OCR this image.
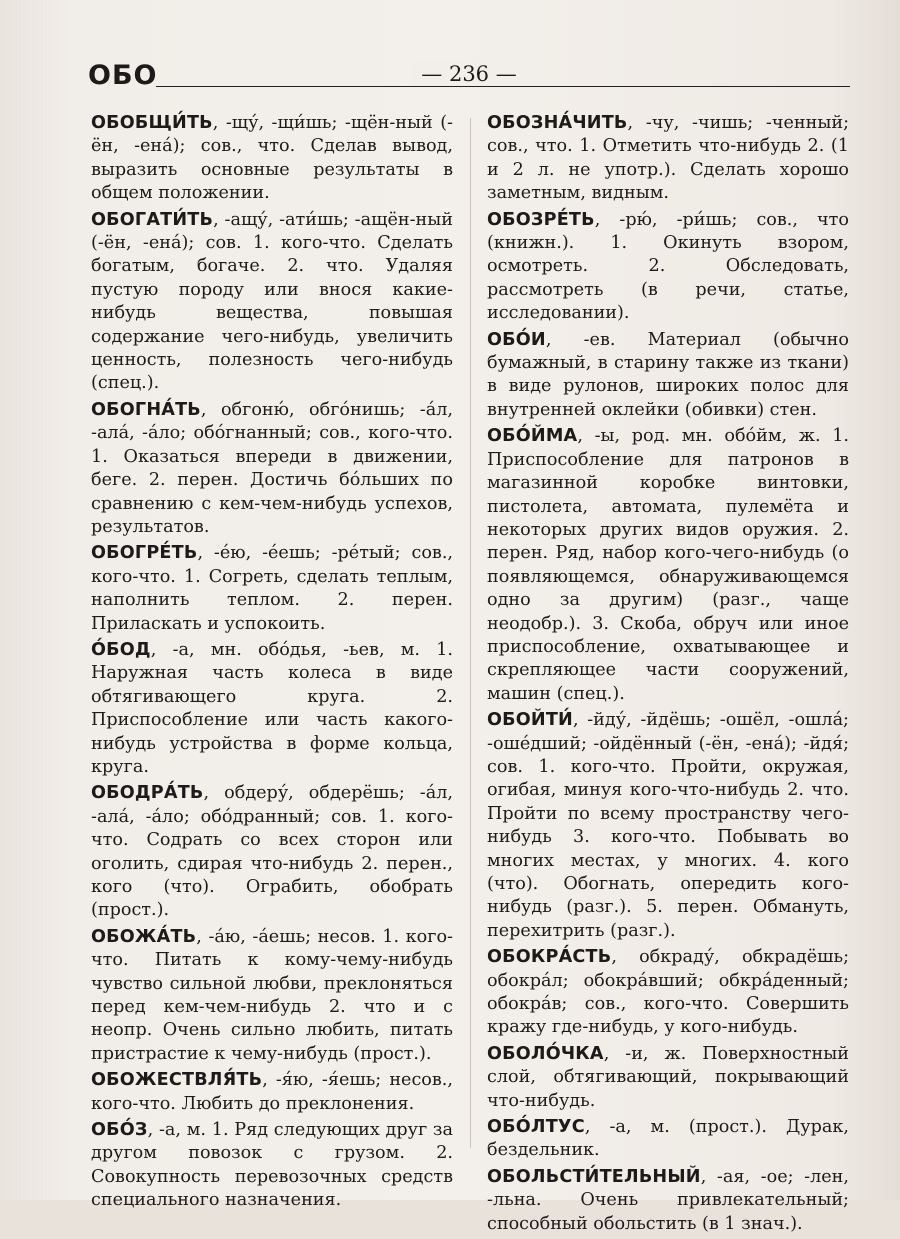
ОБО	— 236 —

ОБОБЩИ́ТЬ, -щу́, -щи́шь; -щён-ный (-ён, -ена́); сов., что. Сделав вывод, выразить основные результаты в общем положении.

ОБОГАТИ́ТЬ, -ащу́, -ати́шь; -ащён-ный (-ён, -ена́); сов. 1. кого-что. Сделать богатым, богаче. 2. что. Удаляя пустую породу или внося какие-нибудь вещества, повышая содержание чего-нибудь, увеличить ценность, полезность чего-нибудь (спец.).

ОБОГНА́ТЬ, обгоню́, обго́нишь; -а́л, -ала́, -а́ло; обо́гнанный; сов., кого-что. 1. Оказаться впереди в движении, беге. 2. перен. Достичь бо́льших по сравнению с кем-чем-нибудь успехов, результатов.

ОБОГРЕ́ТЬ, -е́ю, -е́ешь; -ре́тый; сов., кого-что. 1. Согреть, сделать теплым, наполнить теплом. 2. перен. Приласкать и успокоить.

О́БОД, -а, мн. обо́дья, -ьев, м. 1. Наружная часть колеса в виде обтягивающего круга. 2. Приспособление или часть какого-нибудь устройства в форме кольца, круга.

ОБОДРА́ТЬ, обдеру́, обдерёшь; -а́л, -ала́, -а́ло; обо́дранный; сов. 1. кого-что. Содрать со всех сторон или оголить, сдирая что-нибудь 2. перен., кого (что). Ограбить, обобрать (прост.).

ОБОЖА́ТЬ, -а́ю, -а́ешь; несов. 1. кого-что. Питать к кому-чему-нибудь чувство сильной любви, преклоняться перед кем-чем-нибудь 2. что и с неопр. Очень сильно любить, питать пристрастие к чему-нибудь (прост.).

ОБОЖЕСТВЛЯ́ТЬ, -я́ю, -я́ешь; несов., кого-что. Любить до преклонения.

ОБО́З, -а, м. 1. Ряд следующих друг за другом повозок с грузом. 2. Совокупность перевозочных средств специального назначения.

ОБОЗНА́ЧИТЬ, -чу, -чишь; -ченный; сов., что. 1. Отметить что-нибудь 2. (1 и 2 л. не употр.). Сделать хорошо заметным, видным.

ОБОЗРЕ́ТЬ, -рю́, -ри́шь; сов., что (книжн.). 1. Окинуть взором, осмотреть. 2. Обследовать, рассмотреть (в речи, статье, исследовании).

ОБО́И, -ев. Материал (обычно бумажный, в старину также из ткани) в виде рулонов, широких полос для внутренней оклейки (обивки) стен.

ОБО́ЙМА, -ы, род. мн. обо́йм, ж. 1. Приспособление для патронов в магазинной коробке винтовки, пистолета, автомата, пулемёта и некоторых других видов оружия. 2. перен. Ряд, набор кого-чего-нибудь (о появляющемся, обнаруживающемся одно за другим) (разг., чаще неодобр.). 3. Скоба, обруч или иное приспособление, охватывающее и скрепляющее части сооружений, машин (спец.).

ОБОЙТИ́, -йду́, -йдёшь; -ошёл, -ошла́; -оше́дший; -ойдённый (-ён, -ена́); -йдя́; сов. 1. кого-что. Пройти, окружая, огибая, минуя кого-что-нибудь 2. что. Пройти по всему пространству чего-нибудь 3. кого-что. Побывать во многих местах, у многих. 4. кого (что). Обогнать, опередить кого-нибудь (разг.). 5. перен. Обмануть, перехитрить (разг.).

ОБОКРА́СТЬ, обкраду́, обкрадёшь; обокра́л; обокра́вший; обкра́денный; обокра́в; сов., кого-что. Совершить кражу где-нибудь, у кого-нибудь.

ОБОЛО́ЧКА, -и, ж. Поверхностный слой, обтягивающий, покрывающий что-нибудь.

ОБО́ЛТУС, -а, м. (прост.). Дурак, бездельник.

ОБОЛЬСТИ́ТЕЛЬНЫЙ, -ая, -ое; -лен, -льна. Очень привлекательный; способный обольстить (в 1 знач.).
